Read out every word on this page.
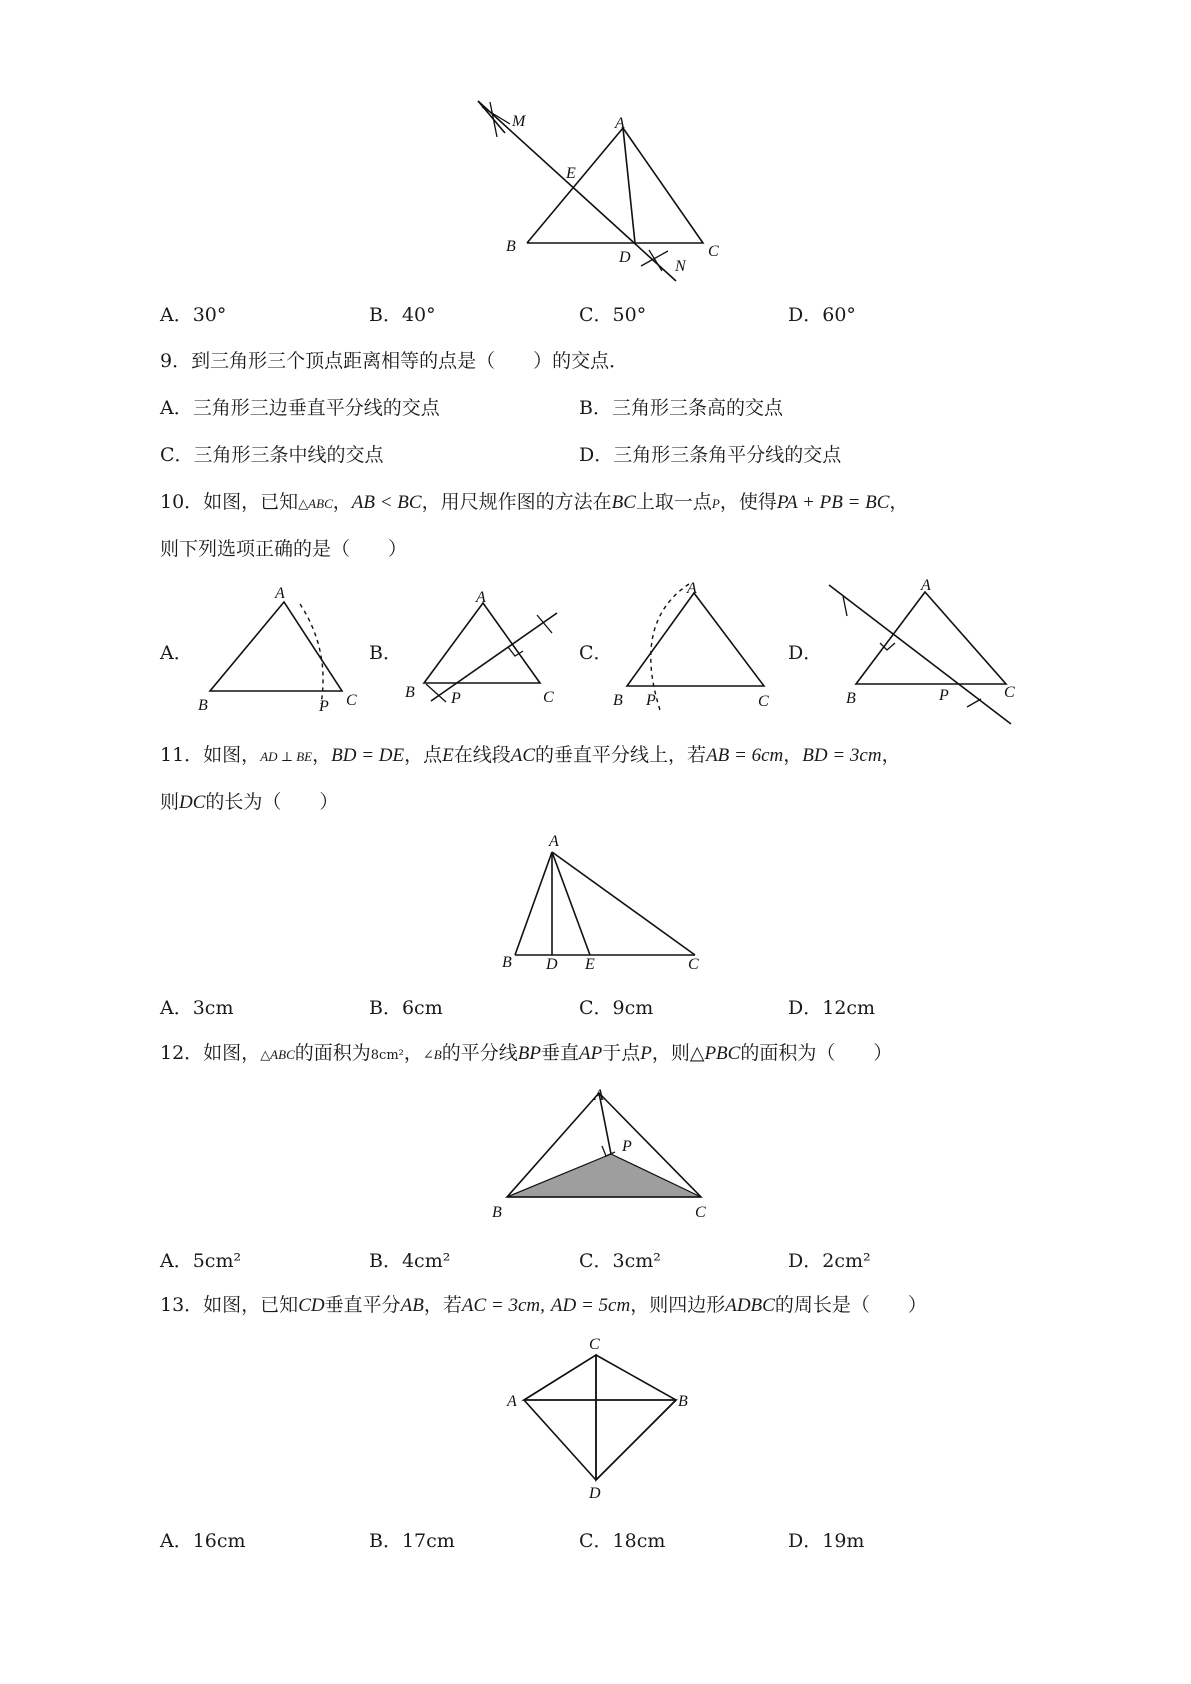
M	A
E
B
D	C
N
A．30°	B．40°	C．50°	D．60°
9．到三角形三个顶点距离相等的点是（　　）的交点．
A．三角形三边垂直平分线的交点	B．三角形三条高的交点
C．三角形三条中线的交点	D．三角形三条角平分线的交点
10．如图，已知△ABC，AB < BC，用尺规作图的方法在BC上取一点P，使得PA + PB = BC，
则下列选项正确的是（　　）
A．	B．	C．	D．
A
B	P C
A
B P	C
A
B P	C
A
B	P	C
11．如图，AD ⊥ BE，BD = DE，点E在线段AC的垂直平分线上，若AB = 6cm，BD = 3cm，
则DC的长为（　　）
A
B D E	C
A．3cm	B．6cm	C．9cm	D．12cm
12．如图，△ABC的面积为8cm²，∠B的平分线BP垂直AP于点P，则△PBC的面积为（　　）
A
P
B	C
A．5cm²	B．4cm²	C．3cm²	D．2cm²
13．如图，已知CD垂直平分AB，若AC = 3cm, AD = 5cm，则四边形ADBC的周长是（　　）
C
A	B
D
A．16cm	B．17cm	C．18cm	D．19m
